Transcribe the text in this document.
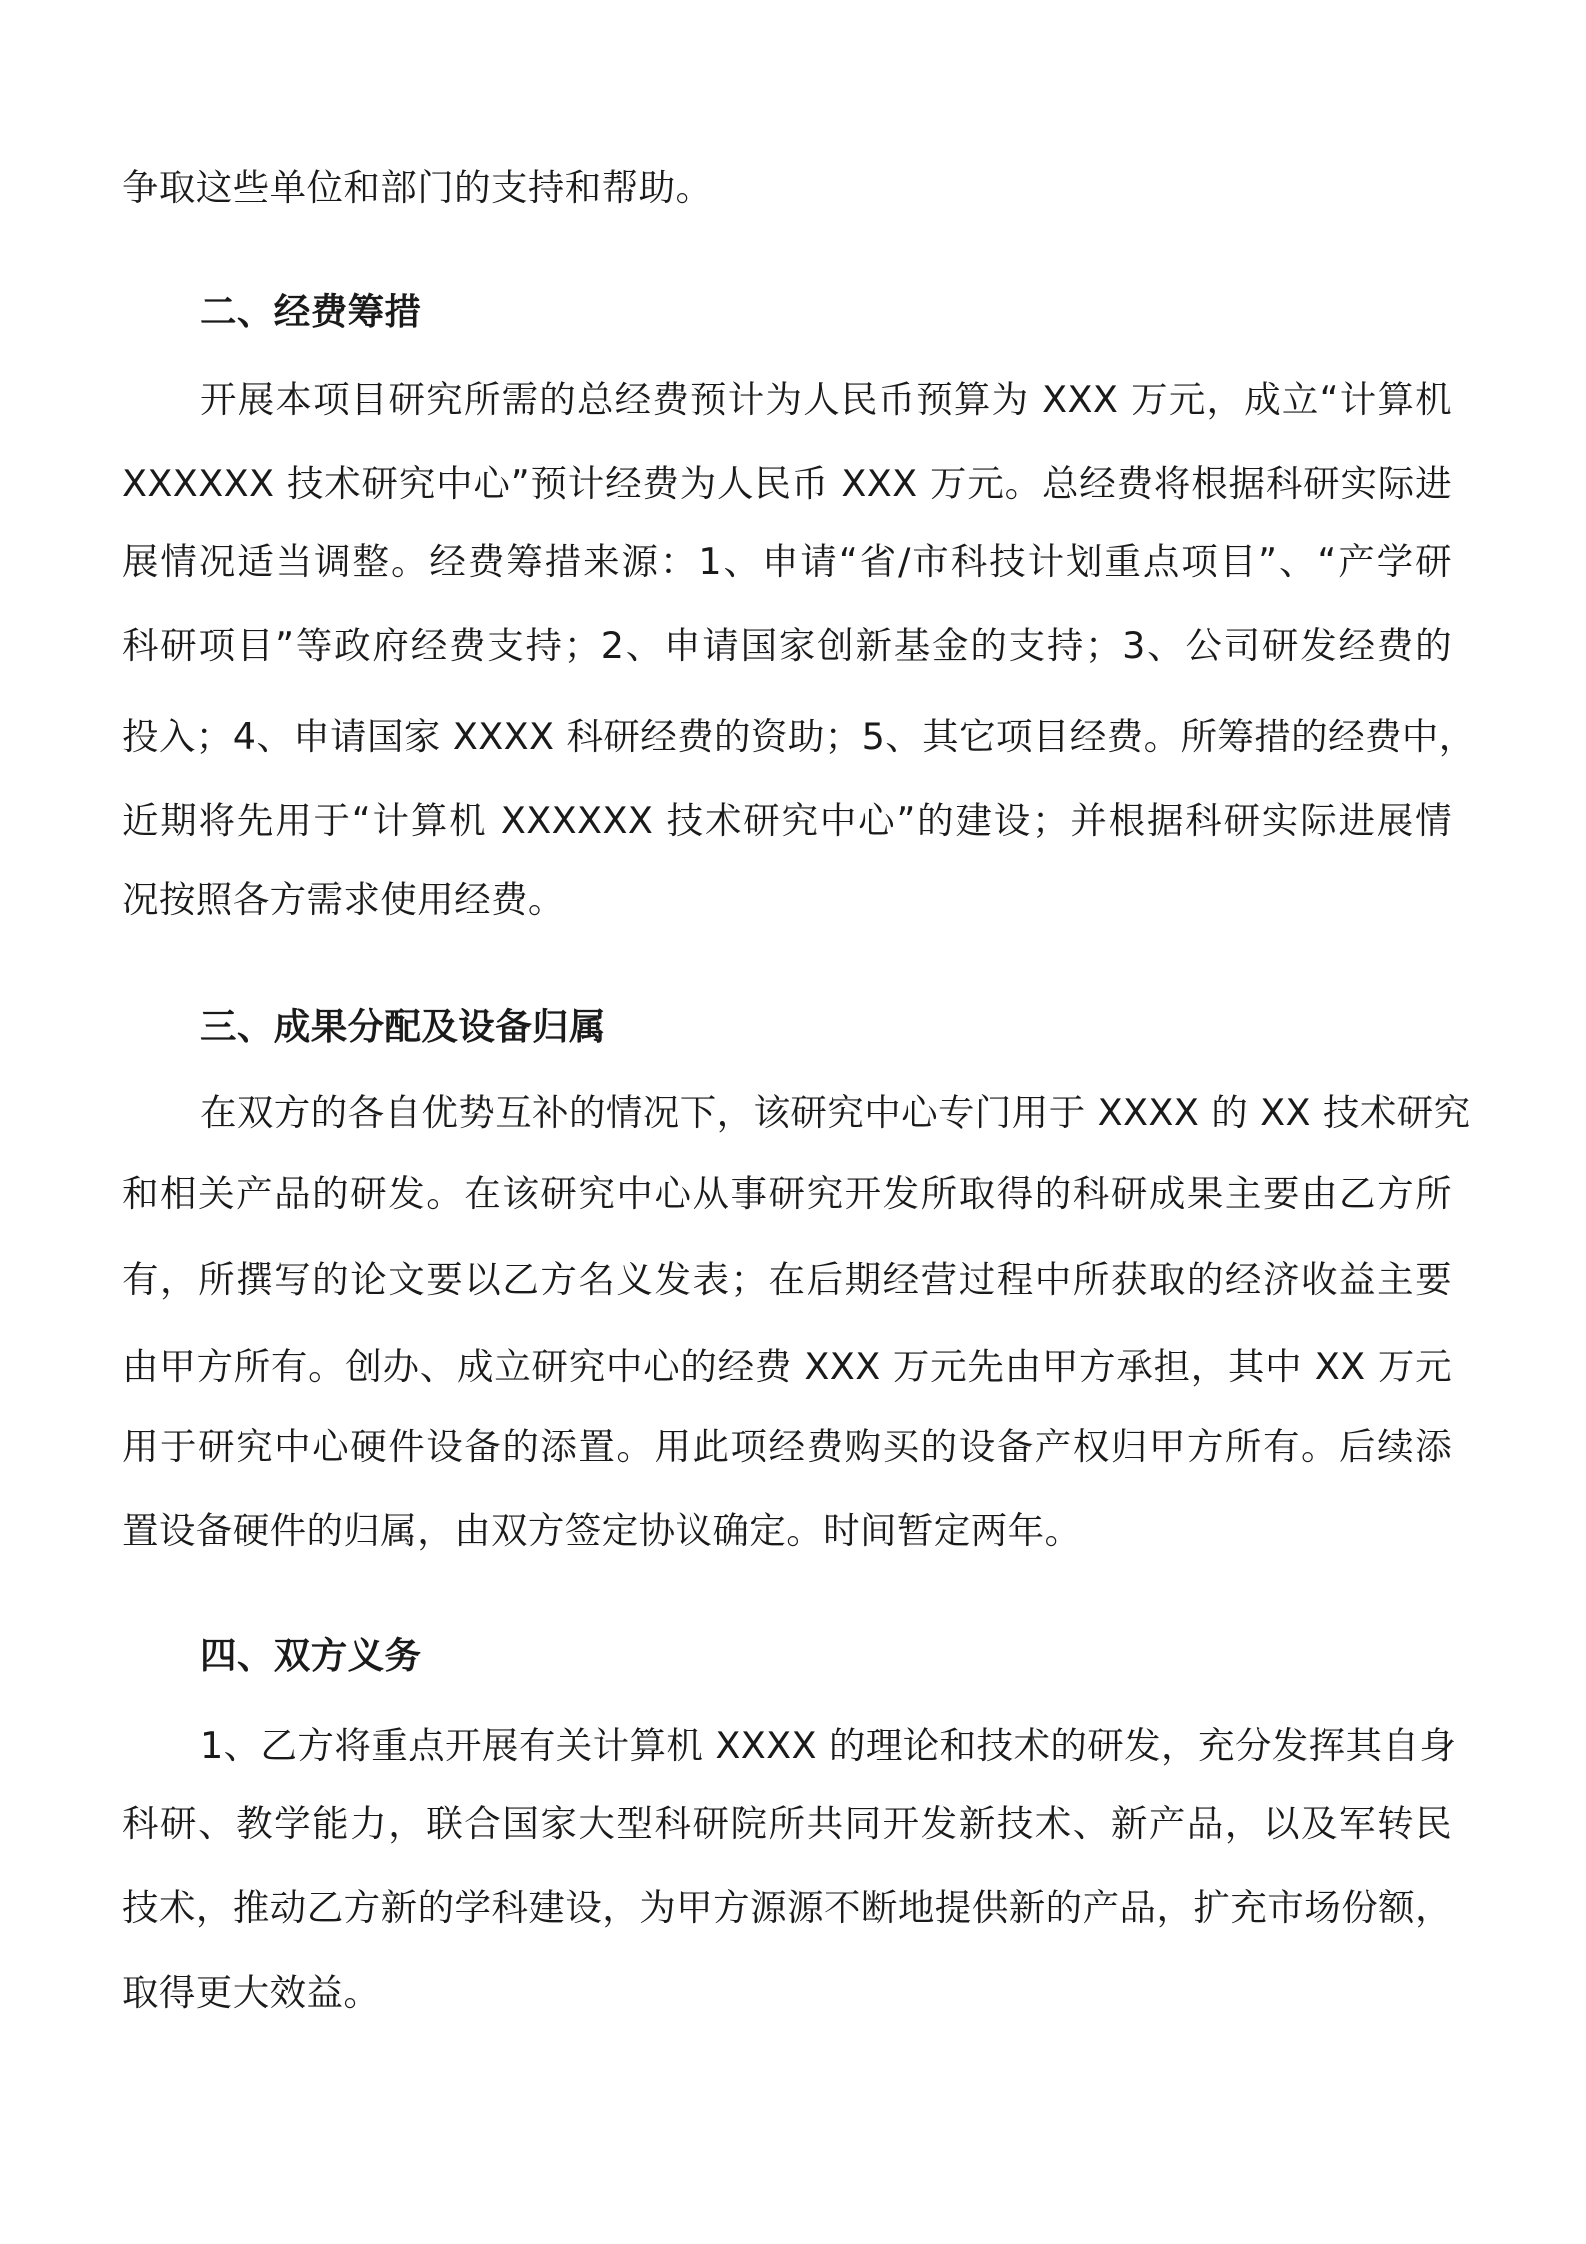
争取这些单位和部门的支持和帮助。

二、经费筹措

开展本项目研究所需的总经费预计为人民币预算为 XXX 万元，成立“计算机

XXXXXX 技术研究中心”预计经费为人民币 XXX 万元。总经费将根据科研实际进

展情况适当调整。经费筹措来源：1、申请“省/市科技计划重点项目”、“产学研

科研项目”等政府经费支持；2、申请国家创新基金的支持；3、公司研发经费的

投入；4、申请国家 XXXX 科研经费的资助；5、其它项目经费。所筹措的经费中，

近期将先用于“计算机 XXXXXX 技术研究中心”的建设；并根据科研实际进展情

况按照各方需求使用经费。

三、成果分配及设备归属

在双方的各自优势互补的情况下，该研究中心专门用于 XXXX 的 XX 技术研究

和相关产品的研发。在该研究中心从事研究开发所取得的科研成果主要由乙方所

有，所撰写的论文要以乙方名义发表；在后期经营过程中所获取的经济收益主要

由甲方所有。创办、成立研究中心的经费 XXX 万元先由甲方承担，其中 XX 万元

用于研究中心硬件设备的添置。用此项经费购买的设备产权归甲方所有。后续添

置设备硬件的归属，由双方签定协议确定。时间暂定两年。

四、双方义务

1、乙方将重点开展有关计算机 XXXX 的理论和技术的研发，充分发挥其自身

科研、教学能力，联合国家大型科研院所共同开发新技术、新产品，以及军转民

技术，推动乙方新的学科建设，为甲方源源不断地提供新的产品，扩充市场份额，

取得更大效益。
